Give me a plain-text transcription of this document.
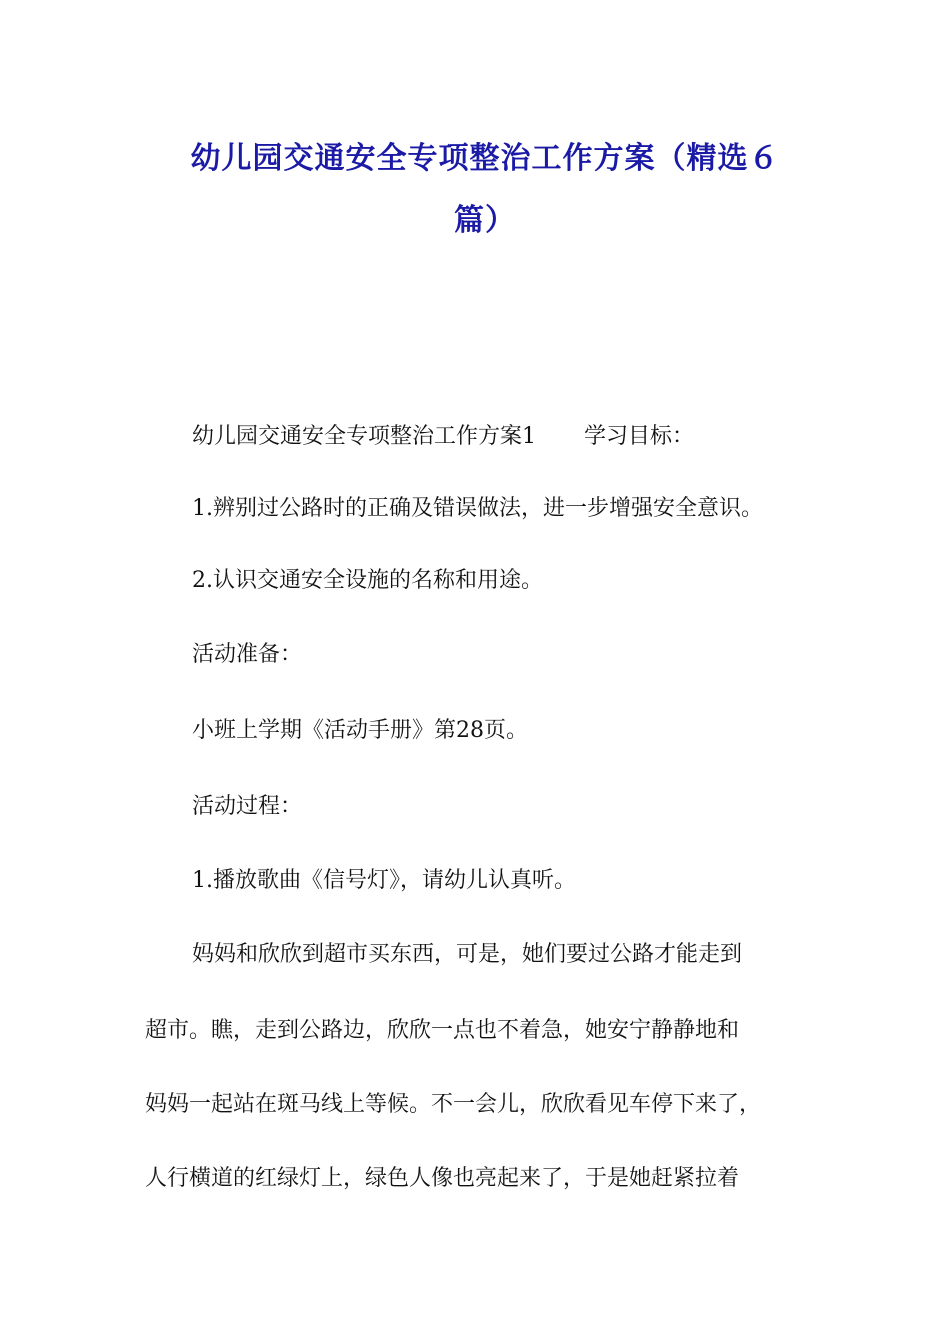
幼儿园交通安全专项整治工作方案（精选６
篇）
幼儿园交通安全专项整治工作方案1 学习目标：
1.辨别过公路时的正确及错误做法，进一步增强安全意识。
2.认识交通安全设施的名称和用途。
活动准备：
小班上学期《活动手册》第28页。
活动过程：
1.播放歌曲《信号灯》，请幼儿认真听。
妈妈和欣欣到超市买东西，可是，她们要过公路才能走到
超市。瞧，走到公路边，欣欣一点也不着急，她安宁静静地和
妈妈一起站在斑马线上等候。不一会儿，欣欣看见车停下来了，
人行横道的红绿灯上，绿色人像也亮起来了，于是她赶紧拉着
